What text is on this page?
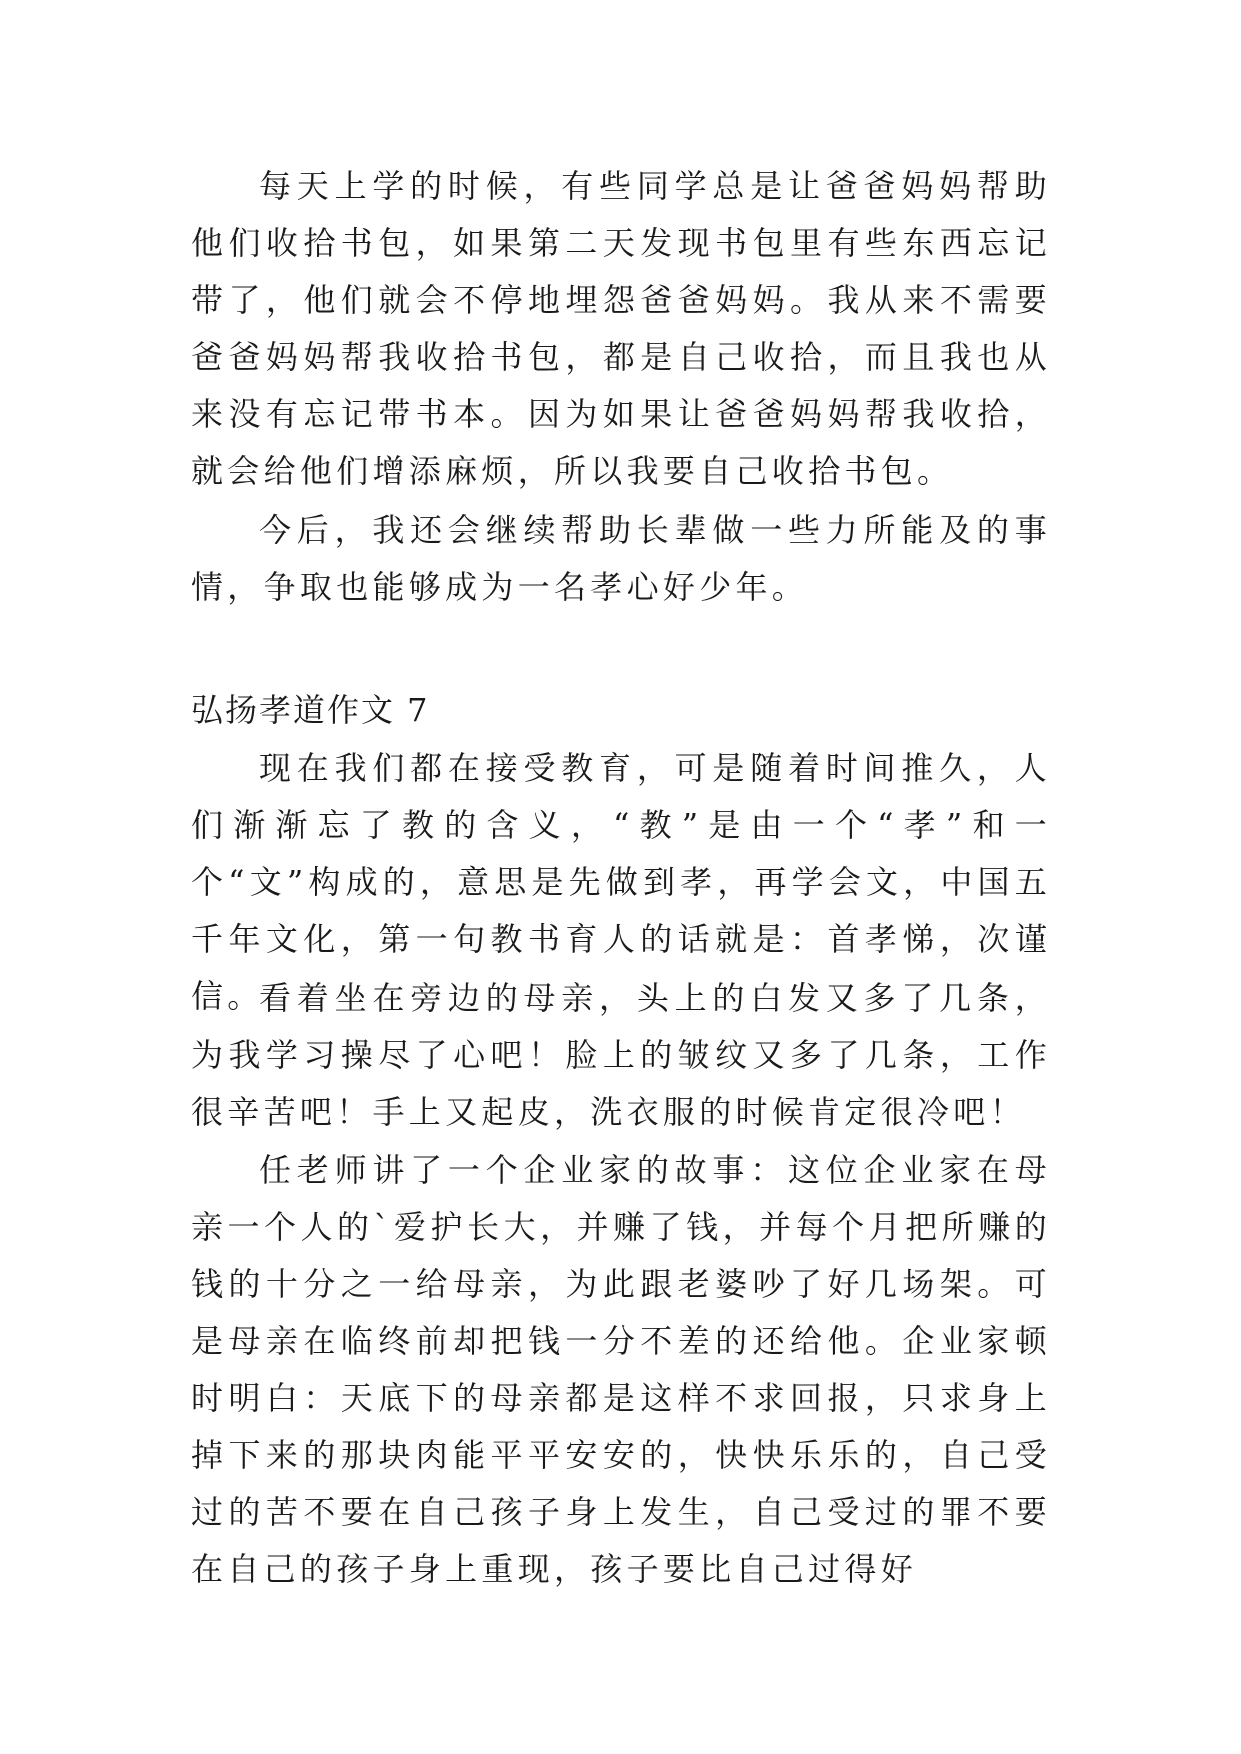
每天上学的时候，有些同学总是让爸爸妈妈帮助他们收拾书包，如果第二天发现书包里有些东西忘记带了，他们就会不停地埋怨爸爸妈妈。我从来不需要爸爸妈妈帮我收拾书包，都是自己收拾，而且我也从来没有忘记带书本。因为如果让爸爸妈妈帮我收拾，就会给他们增添麻烦，所以我要自己收拾书包。

今后，我还会继续帮助长辈做一些力所能及的事情，争取也能够成为一名孝心好少年。

弘扬孝道作文 7

现在我们都在接受教育，可是随着时间推久，人们渐渐忘了教的含义，“教”是由一个“孝”和一个“文”构成的，意思是先做到孝，再学会文，中国五千年文化，第一句教书育人的话就是：首孝悌，次谨信。

看着坐在旁边的母亲，头上的白发又多了几条，为我学习操尽了心吧！脸上的皱纹又多了几条，工作很辛苦吧！手上又起皮，洗衣服的时候肯定很冷吧！

任老师讲了一个企业家的故事：这位企业家在母亲一个人的`爱护长大，并赚了钱，并每个月把所赚的钱的十分之一给母亲，为此跟老婆吵了好几场架。可是母亲在临终前却把钱一分不差的还给他。企业家顿时明白：天底下的母亲都是这样不求回报，只求身上掉下来的那块肉能平平安安的，快快乐乐的，自己受过的苦不要在自己孩子身上发生，自己受过的罪不要在自己的孩子身上重现，孩子要比自己过得好
